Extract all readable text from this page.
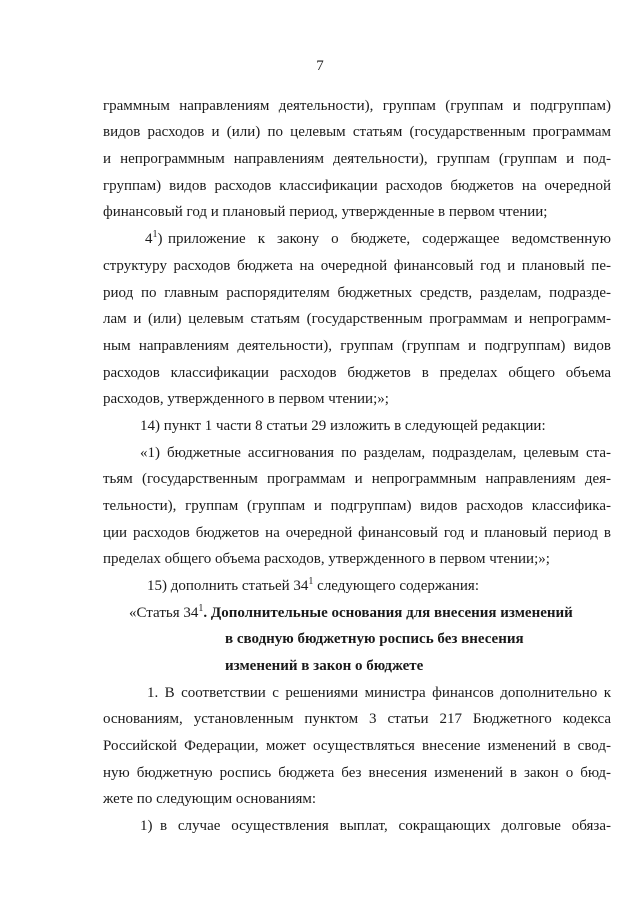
7
граммным направлениям деятельности), группам (группам и подгруппам)
видов расходов и (или) по целевым статьям (государственным программам
и непрограммным направлениям деятельности), группам (группам и под-
группам) видов расходов классификации расходов бюджетов на очередной
финансовый год и плановый период, утвержденные в первом чтении;
$4^1$) приложение к закону о бюджете, содержащее ведомственную
структуру расходов бюджета на очередной финансовый год и плановый пе-
риод по главным распорядителям бюджетных средств, разделам, подразде-
лам и (или) целевым статьям (государственным программам и непрограмм-
ным направлениям деятельности), группам (группам и подгруппам) видов
расходов классификации расходов бюджетов в пределах общего объема
расходов, утвержденного в первом чтении;»;
14) пункт 1 части 8 статьи 29 изложить в следующей редакции:
«1) бюджетные ассигнования по разделам, подразделам, целевым ста-
тьям (государственным программам и непрограммным направлениям дея-
тельности), группам (группам и подгруппам) видов расходов классифика-
ции расходов бюджетов на очередной финансовый год и плановый период в
пределах общего объема расходов, утвержденного в первом чтении;»;
15) дополнить статьей $34^1$ следующего содержания:
«Статья $34^1$. Дополнительные основания для внесения изменений
в сводную бюджетную роспись без внесения
изменений в закон о бюджете
1. В соответствии с решениями министра финансов дополнительно к
основаниям, установленным пунктом 3 статьи 217 Бюджетного кодекса
Российской Федерации, может осуществляться внесение изменений в свод-
ную бюджетную роспись бюджета без внесения изменений в закон о бюд-
жете по следующим основаниям:
1) в случае осуществления выплат, сокращающих долговые обяза-
